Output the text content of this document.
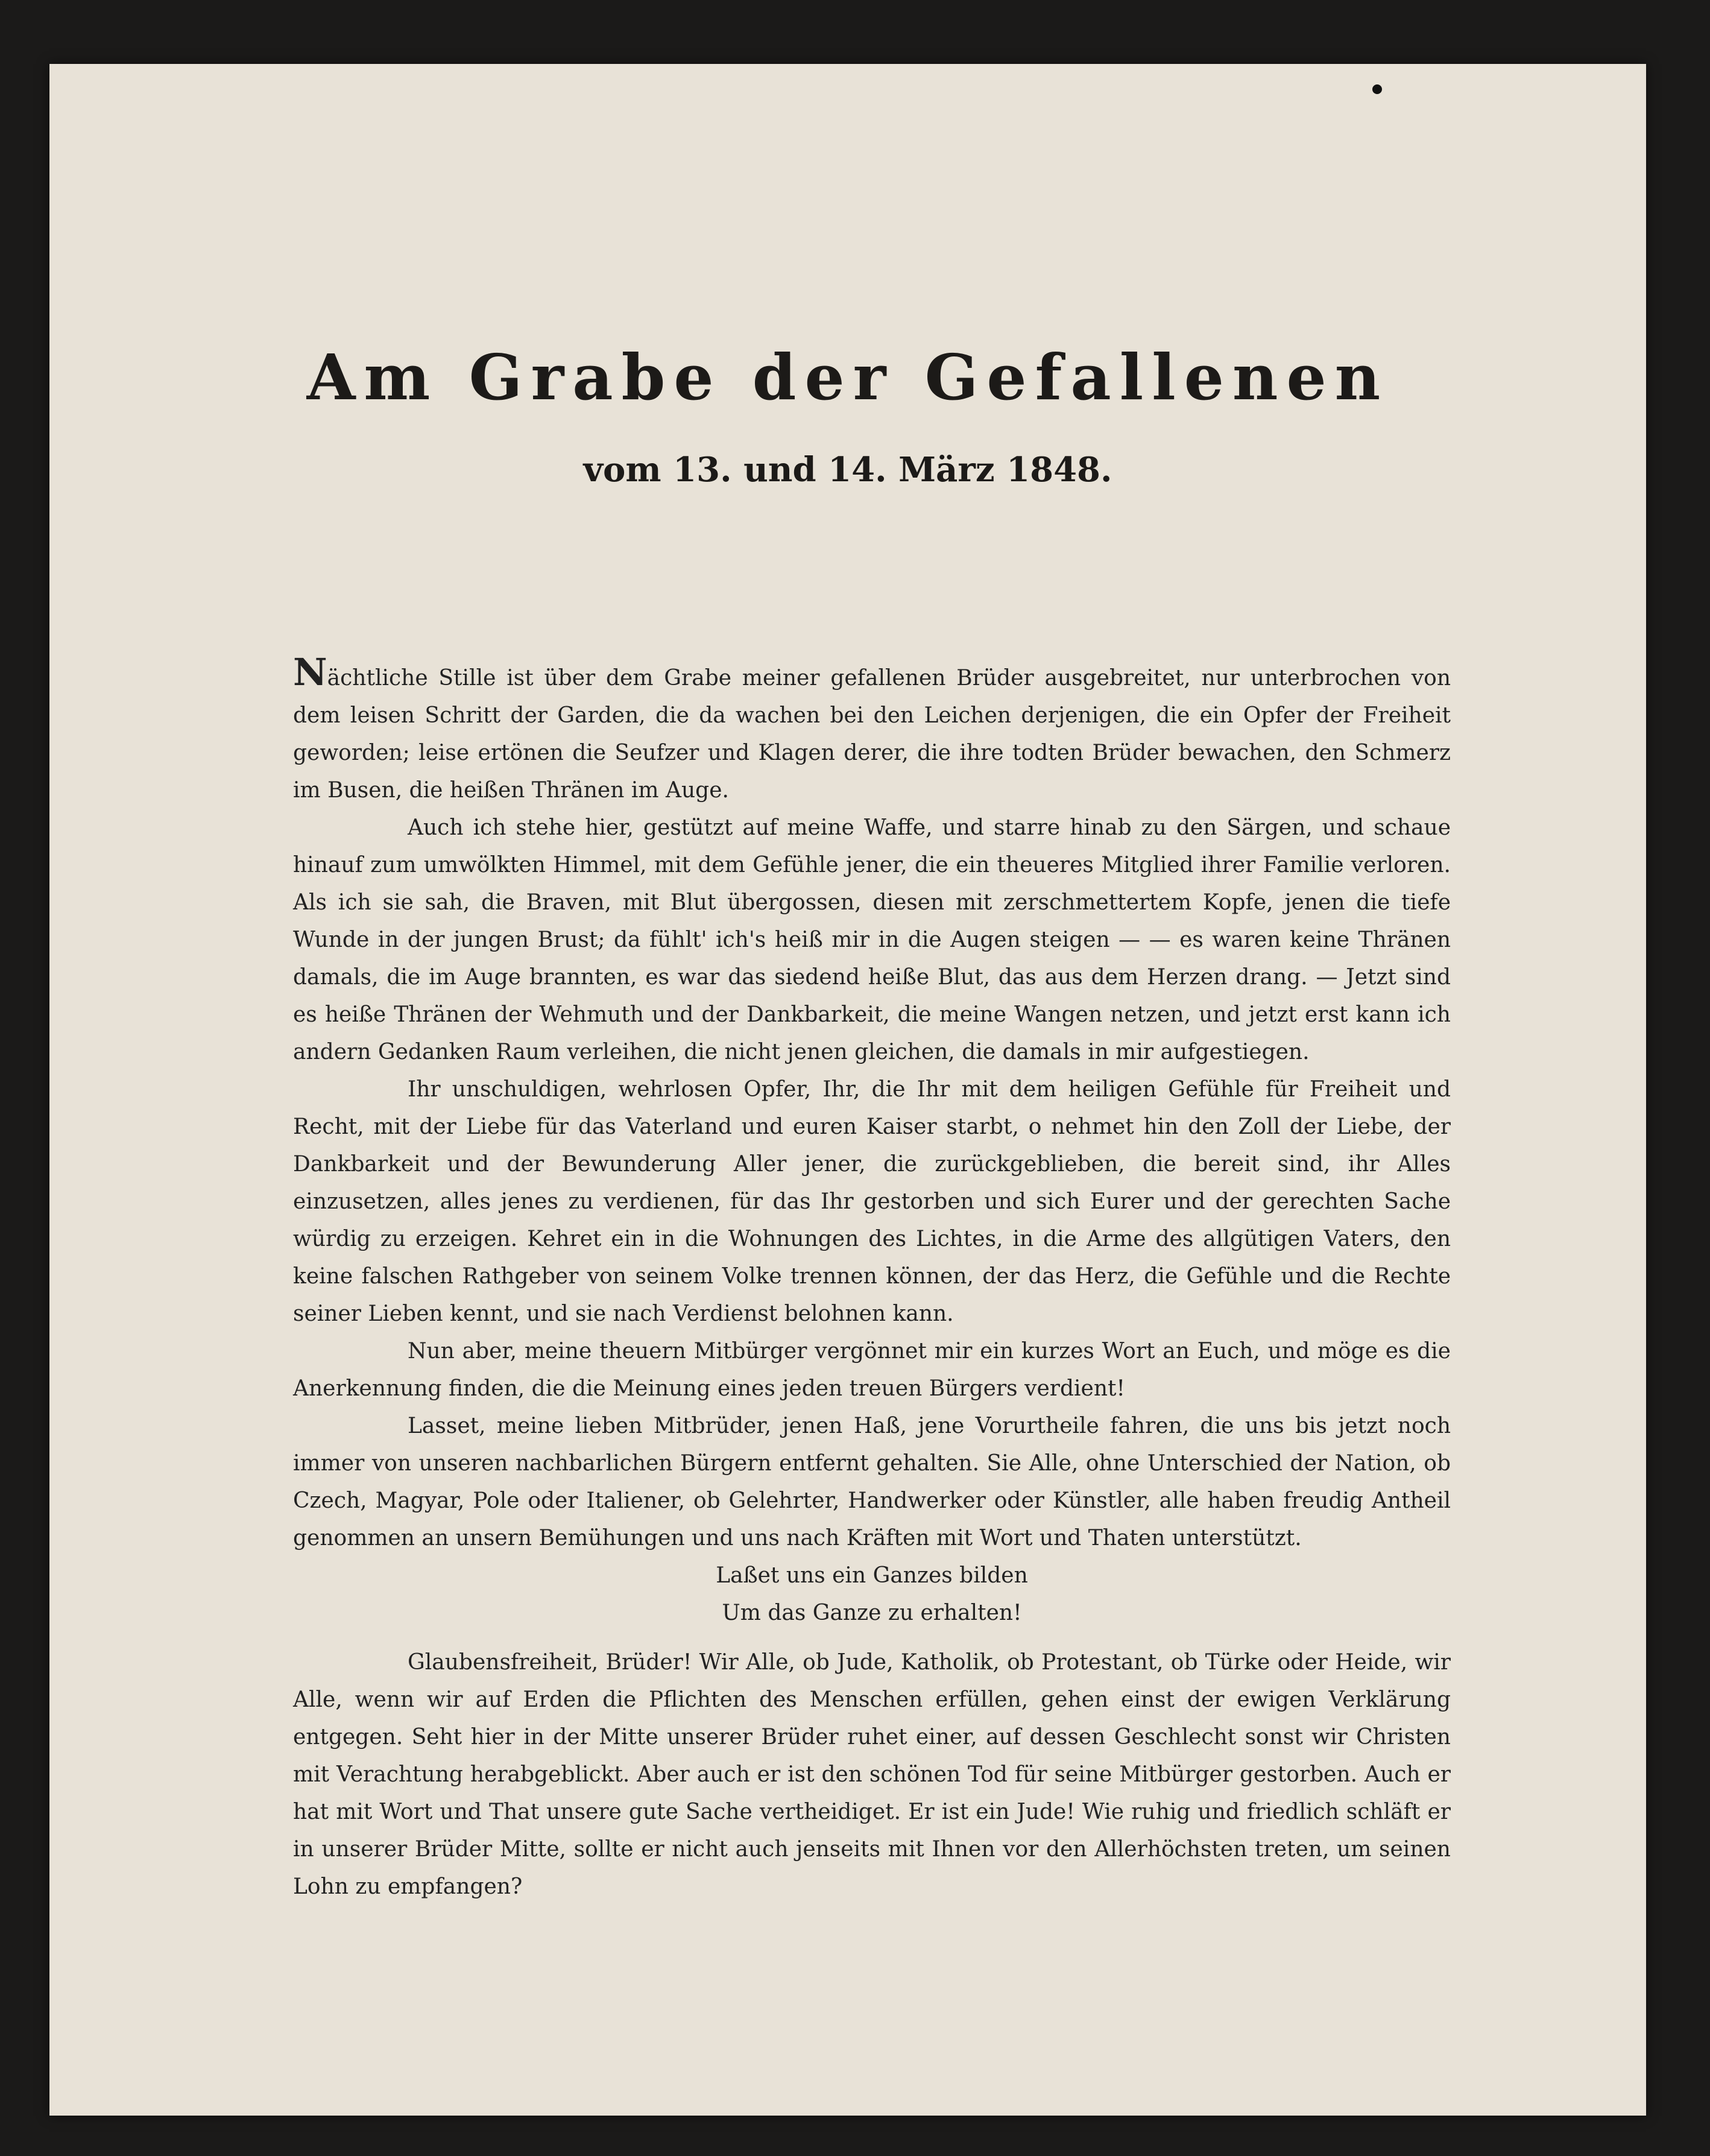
Am Grabe der Gefallenen
vom 13. und 14. März 1848.

Nächtliche Stille ist über dem Grabe meiner gefallenen Brüder ausgebreitet, nur unterbrochen von dem leisen Schritt der Garden, die da wachen bei den Leichen derjenigen, die ein Opfer der Freiheit geworden; leise ertönen die Seufzer und Klagen derer, die ihre todten Brüder bewachen, den Schmerz im Busen, die heißen Thränen im Auge.

Auch ich stehe hier, gestützt auf meine Waffe, und starre hinab zu den Särgen, und schaue hinauf zum umwölkten Himmel, mit dem Gefühle jener, die ein theueres Mitglied ihrer Familie verloren. Als ich sie sah, die Braven, mit Blut übergossen, diesen mit zerschmettertem Kopfe, jenen die tiefe Wunde in der jungen Brust; da fühlt' ich's heiß mir in die Augen steigen — — es waren keine Thränen damals, die im Auge brannten, es war das siedend heiße Blut, das aus dem Herzen drang. — Jetzt sind es heiße Thränen der Wehmuth und der Dankbarkeit, die meine Wangen netzen, und jetzt erst kann ich andern Gedanken Raum verleihen, die nicht jenen gleichen, die damals in mir aufgestiegen.

Ihr unschuldigen, wehrlosen Opfer, Ihr, die Ihr mit dem heiligen Gefühle für Freiheit und Recht, mit der Liebe für das Vaterland und euren Kaiser starbt, o nehmet hin den Zoll der Liebe, der Dankbarkeit und der Bewunderung Aller jener, die zurückgeblieben, die bereit sind, ihr Alles einzusetzen, alles jenes zu verdienen, für das Ihr gestorben und sich Eurer und der gerechten Sache würdig zu erzeigen. Kehret ein in die Wohnungen des Lichtes, in die Arme des allgütigen Vaters, den keine falschen Rathgeber von seinem Volke trennen können, der das Herz, die Gefühle und die Rechte seiner Lieben kennt, und sie nach Verdienst belohnen kann.

Nun aber, meine theuern Mitbürger vergönnet mir ein kurzes Wort an Euch, und möge es die Anerkennung finden, die die Meinung eines jeden treuen Bürgers verdient!

Lasset, meine lieben Mitbrüder, jenen Haß, jene Vorurtheile fahren, die uns bis jetzt noch immer von unseren nachbarlichen Bürgern entfernt gehalten. Sie Alle, ohne Unterschied der Nation, ob Czech, Magyar, Pole oder Italiener, ob Gelehrter, Handwerker oder Künstler, alle haben freudig Antheil genommen an unsern Bemühungen und uns nach Kräften mit Wort und Thaten unterstützt.

Laßet uns ein Ganzes bilden

Um das Ganze zu erhalten!

Glaubensfreiheit, Brüder! Wir Alle, ob Jude, Katholik, ob Protestant, ob Türke oder Heide, wir Alle, wenn wir auf Erden die Pflichten des Menschen erfüllen, gehen einst der ewigen Verklärung entgegen. Seht hier in der Mitte unserer Brüder ruhet einer, auf dessen Geschlecht sonst wir Christen mit Verachtung herabgeblickt. Aber auch er ist den schönen Tod für seine Mitbürger gestorben. Auch er hat mit Wort und That unsere gute Sache vertheidiget. Er ist ein Jude! Wie ruhig und friedlich schläft er in unserer Brüder Mitte, sollte er nicht auch jenseits mit Ihnen vor den Allerhöchsten treten, um seinen Lohn zu empfangen?
